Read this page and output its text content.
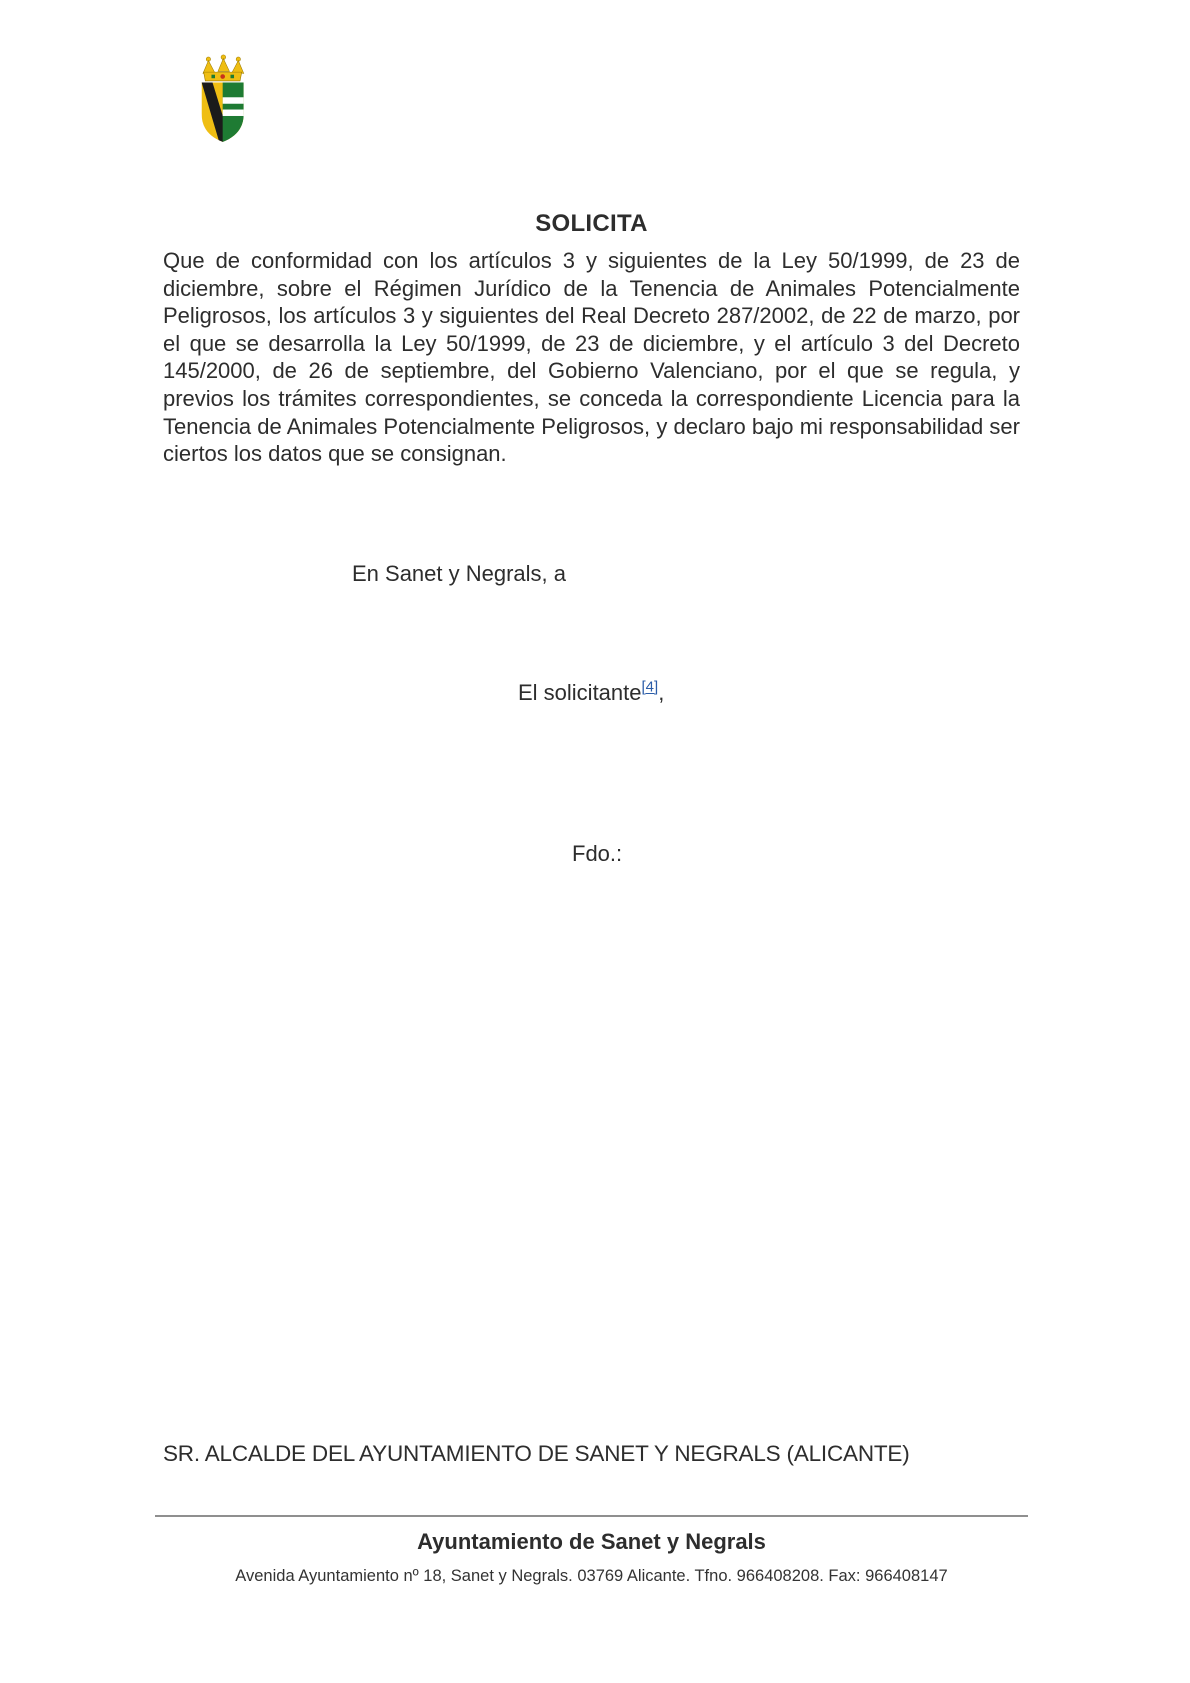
SOLICITA

Que de conformidad con los artículos 3 y siguientes de la Ley 50/1999, de 23 de diciembre, sobre el Régimen Jurídico de la Tenencia de Animales Potencialmente Peligrosos, los artículos 3 y siguientes del Real Decreto 287/2002, de 22 de marzo, por el que se desarrolla la Ley 50/1999, de 23 de diciembre, y el artículo 3 del Decreto 145/2000, de 26 de septiembre, del Gobierno Valenciano, por el que se regula, y previos los trámites correspondientes, se conceda la correspondiente Licencia para la Tenencia de Animales Potencialmente Peligrosos, y declaro bajo mi responsabilidad ser ciertos los datos que se consignan.

En Sanet y Negrals, a
El solicitante[4],
Fdo.:
SR. ALCALDE DEL AYUNTAMIENTO DE SANET Y NEGRALS (ALICANTE)
Ayuntamiento de Sanet y Negrals
Avenida Ayuntamiento nº 18, Sanet y Negrals. 03769 Alicante. Tfno. 966408208. Fax: 966408147
